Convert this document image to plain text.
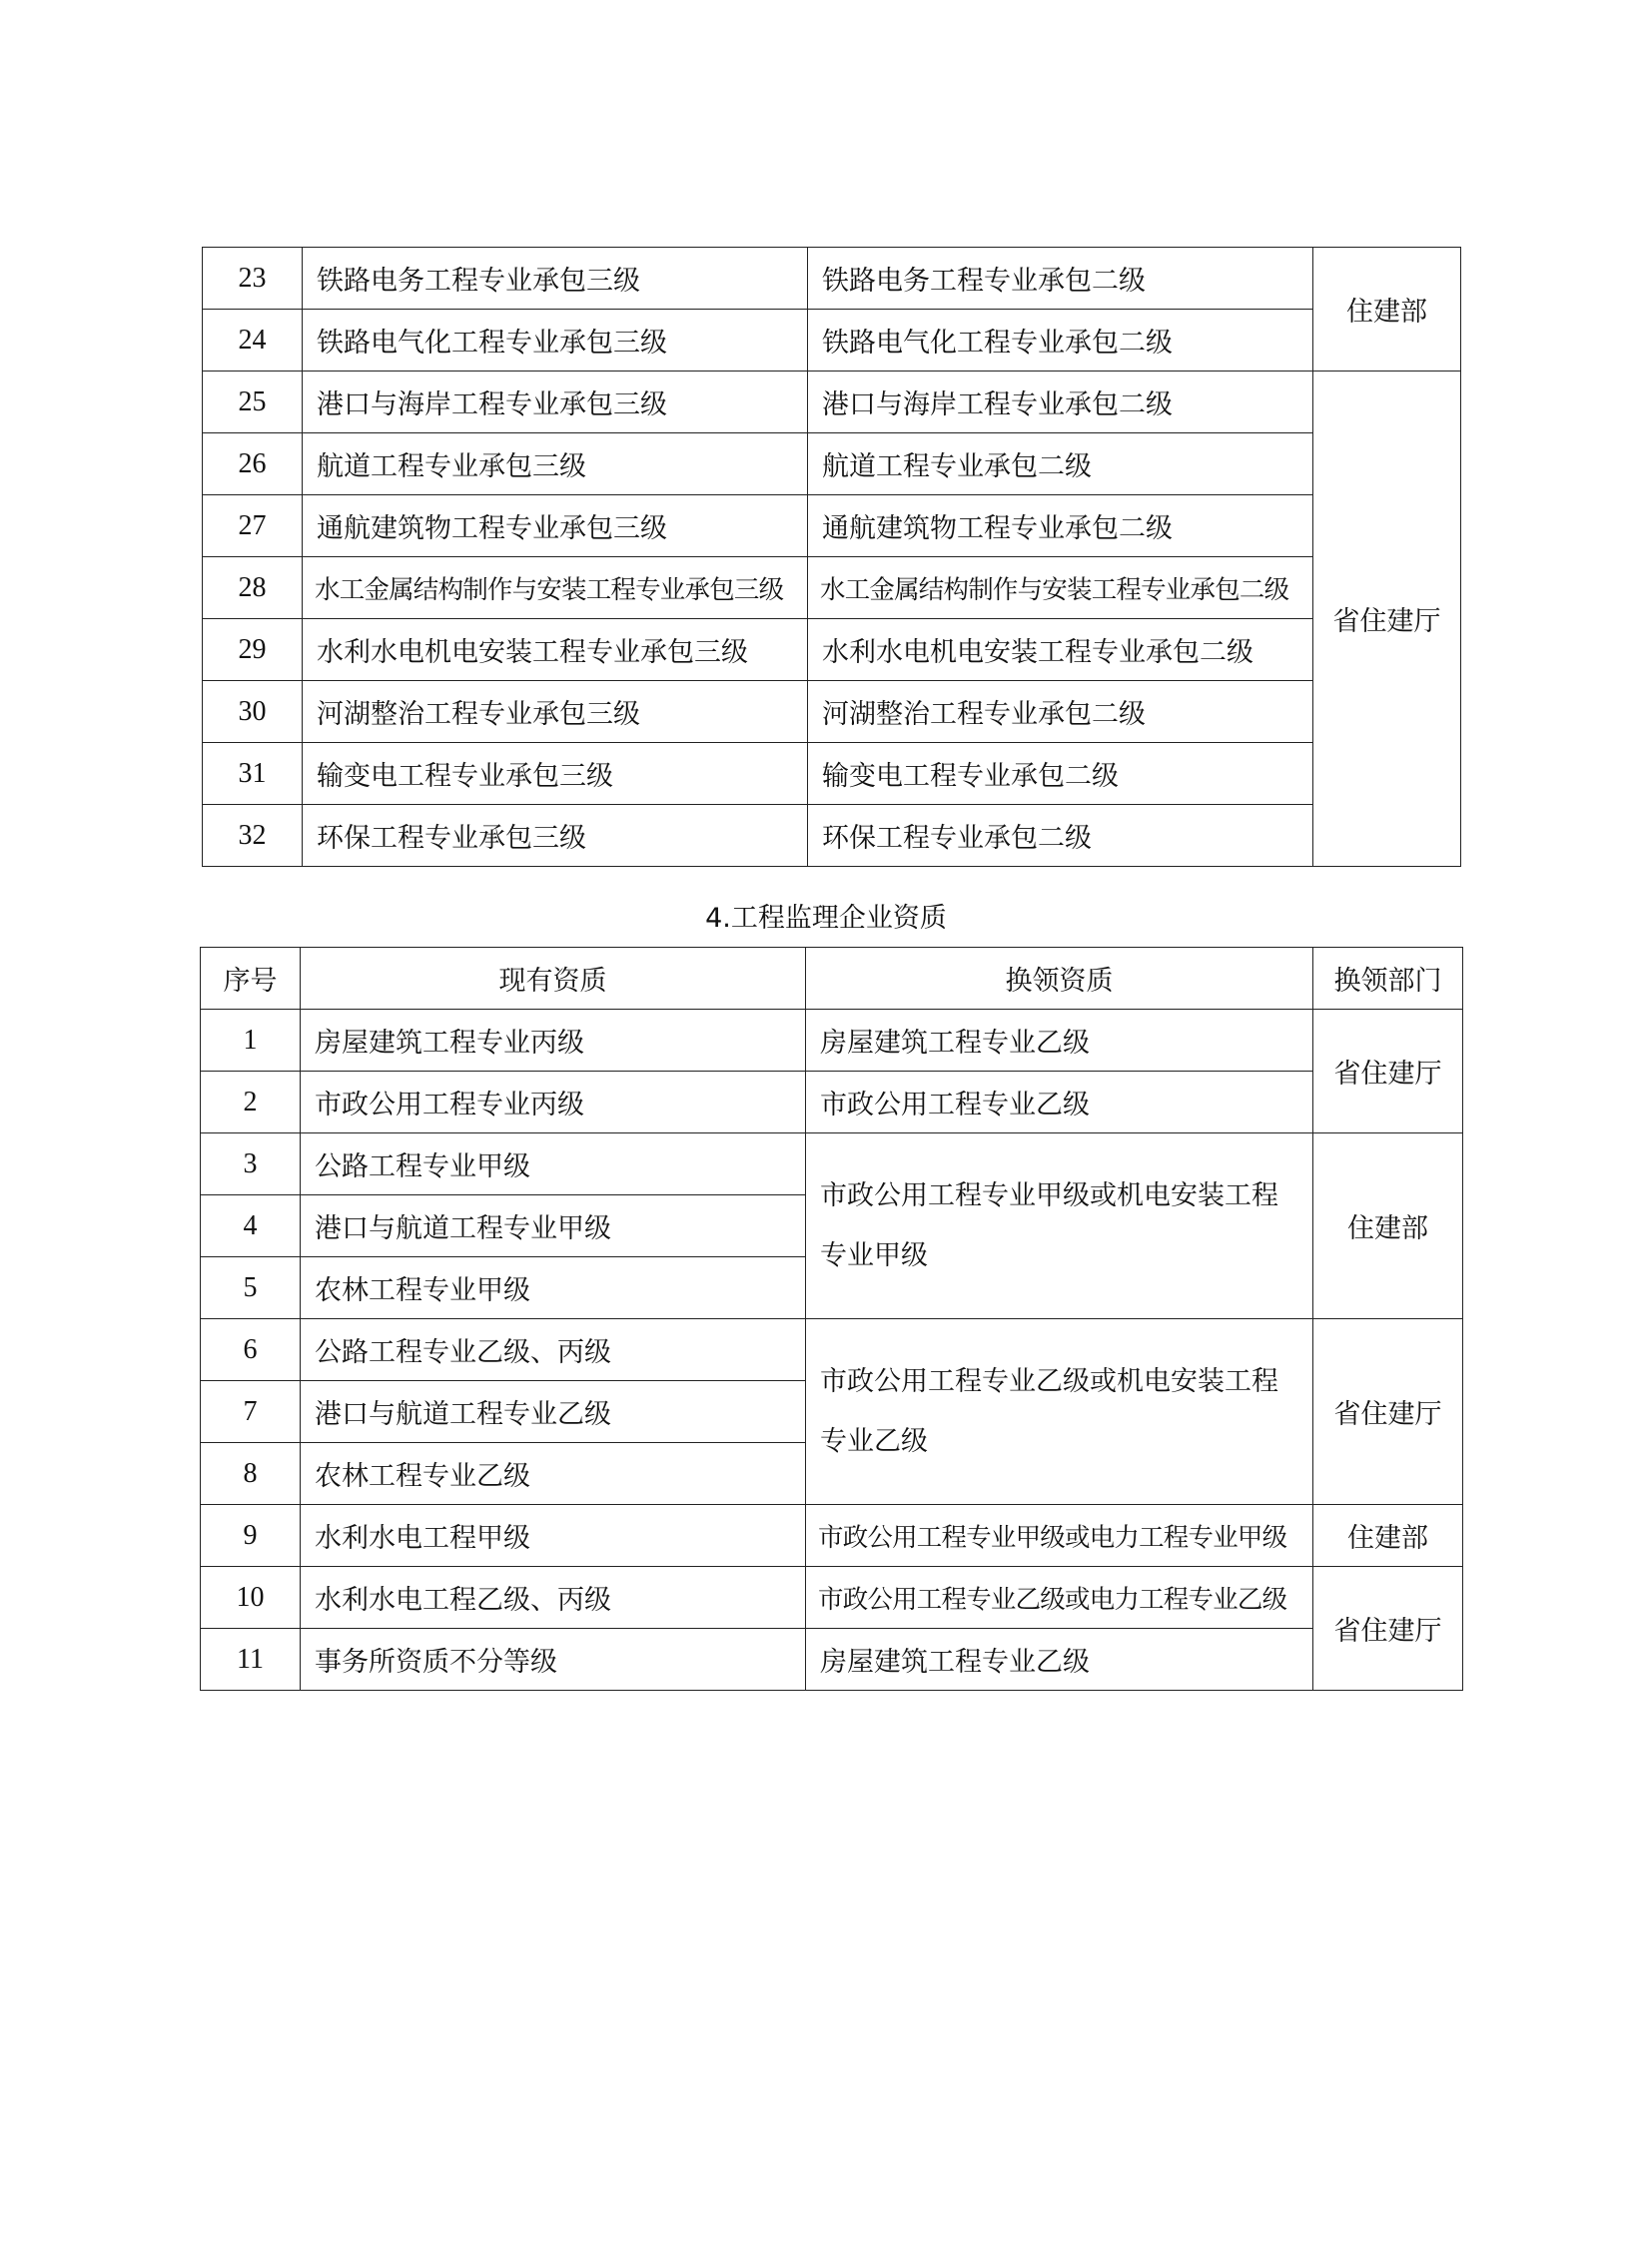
23	铁路电务工程专业承包三级	铁路电务工程专业承包二级	住建部
24	铁路电气化工程专业承包三级	铁路电气化工程专业承包二级	
25	港口与海岸工程专业承包三级	港口与海岸工程专业承包二级	省住建厅
26	航道工程专业承包三级	航道工程专业承包二级	
27	通航建筑物工程专业承包三级	通航建筑物工程专业承包二级	
28	水工金属结构制作与安装工程专业承包三级	水工金属结构制作与安装工程专业承包二级	
29	水利水电机电安装工程专业承包三级	水利水电机电安装工程专业承包二级	
30	河湖整治工程专业承包三级	河湖整治工程专业承包二级	
31	输变电工程专业承包三级	输变电工程专业承包二级	
32	环保工程专业承包三级	环保工程专业承包二级	
4.工程监理企业资质
序号	现有资质	换领资质	换领部门
1	房屋建筑工程专业丙级	房屋建筑工程专业乙级	省住建厅
2	市政公用工程专业丙级	市政公用工程专业乙级	
3	公路工程专业甲级	市政公用工程专业甲级或机电安装工程专业甲级	住建部
4	港口与航道工程专业甲级		
5	农林工程专业甲级		
6	公路工程专业乙级、丙级	市政公用工程专业乙级或机电安装工程专业乙级	省住建厅
7	港口与航道工程专业乙级		
8	农林工程专业乙级		
9	水利水电工程甲级	市政公用工程专业甲级或电力工程专业甲级	住建部
10	水利水电工程乙级、丙级	市政公用工程专业乙级或电力工程专业乙级	省住建厅
11	事务所资质不分等级	房屋建筑工程专业乙级	
